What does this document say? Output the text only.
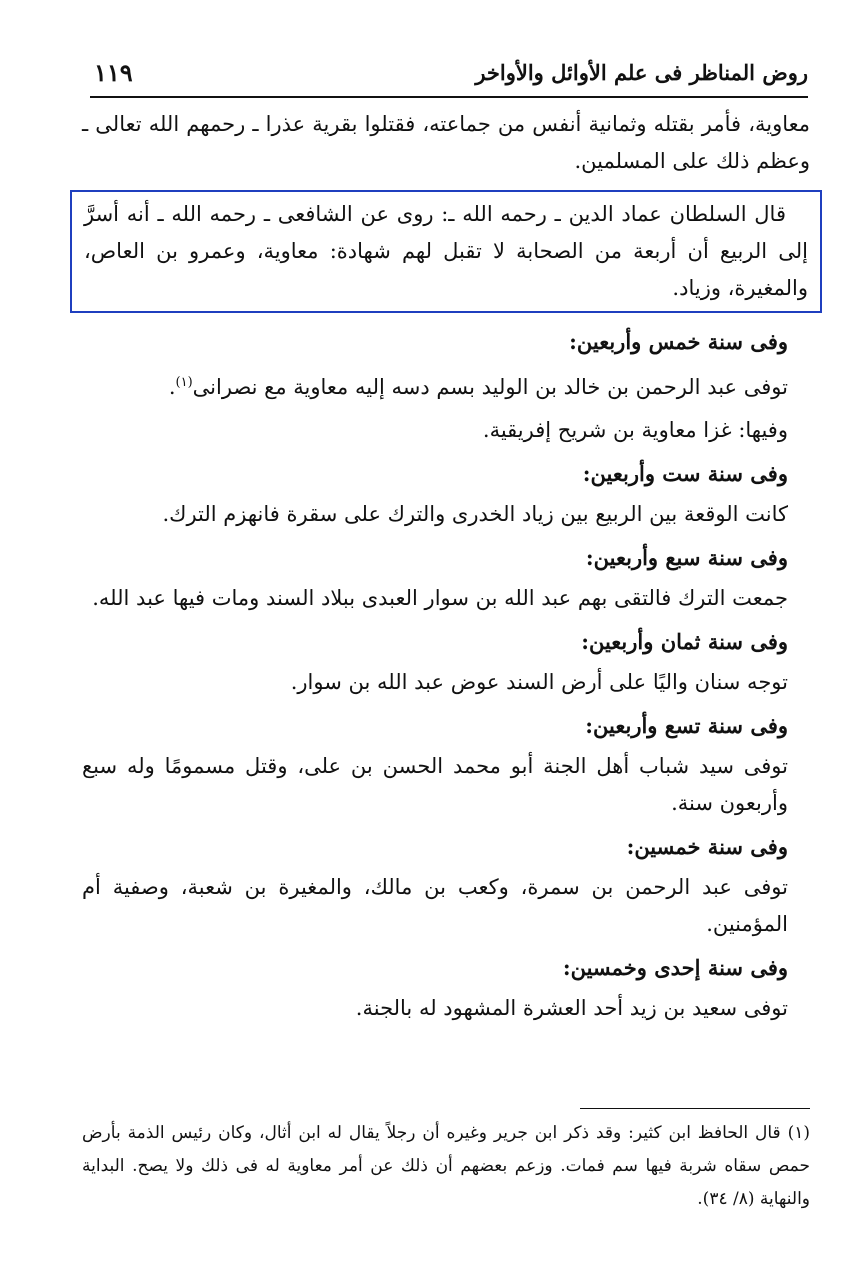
روض المناظر فى علم الأوائل والأواخر
١١٩

معاوية، فأمر بقتله وثمانية أنفس من جماعته، فقتلوا بقرية عذرا ـ رحمهم الله تعالى ـ وعظم ذلك على المسلمين.

قال السلطان عماد الدين ـ رحمه الله ـ: روى عن الشافعى ـ رحمه الله ـ أنه أسرَّ إلى الربيع أن أربعة من الصحابة لا تقبل لهم شهادة: معاوية، وعمرو بن العاص، والمغيرة، وزياد.

وفى سنة خمس وأربعين:

توفى عبد الرحمن بن خالد بن الوليد بسم دسه إليه معاوية مع نصرانى$^{(١)}$.

وفيها: غزا معاوية بن شريح إفريقية.

وفى سنة ست وأربعين:

كانت الوقعة بين الربيع بين زياد الخدرى والترك على سقرة فانهزم الترك.

وفى سنة سبع وأربعين:

جمعت الترك فالتقى بهم عبد الله بن سوار العبدى ببلاد السند ومات فيها عبد الله.

وفى سنة ثمان وأربعين:

توجه سنان واليًا على أرض السند عوض عبد الله بن سوار.

وفى سنة تسع وأربعين:

توفى سيد شباب أهل الجنة أبو محمد الحسن بن على، وقتل مسمومًا وله سبع وأربعون سنة.

وفى سنة خمسين:

توفى عبد الرحمن بن سمرة، وكعب بن مالك، والمغيرة بن شعبة، وصفية أم المؤمنين.

وفى سنة إحدى وخمسين:

توفى سعيد بن زيد أحد العشرة المشهود له بالجنة.

(١) قال الحافظ ابن كثير: وقد ذكر ابن جرير وغيره أن رجلاً يقال له ابن أثال، وكان رئيس الذمة بأرض حمص سقاه شربة فيها سم فمات. وزعم بعضهم أن ذلك عن أمر معاوية له فى ذلك ولا يصح. البداية والنهاية (٨/ ٣٤).
